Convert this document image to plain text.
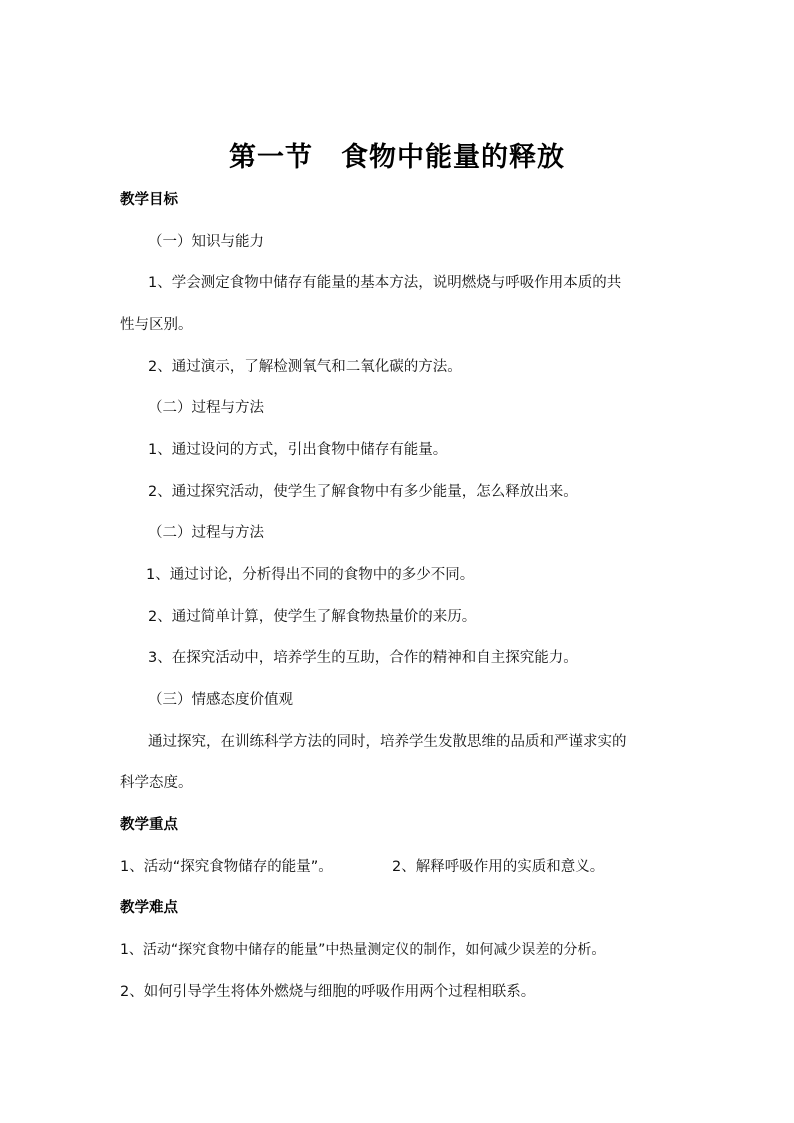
第一节　食物中能量的释放
教学目标
（一）知识与能力
1、学会测定食物中储存有能量的基本方法，说明燃烧与呼吸作用本质的共
性与区别。
2、通过演示，了解检测氧气和二氧化碳的方法。
（二）过程与方法
1、通过设问的方式，引出食物中储存有能量。
2、通过探究活动，使学生了解食物中有多少能量，怎么释放出来。
（二）过程与方法
1、通过讨论，分析得出不同的食物中的多少不同。
2、通过简单计算，使学生了解食物热量价的来历。
3、在探究活动中，培养学生的互助，合作的精神和自主探究能力。
（三）情感态度价值观
通过探究，在训练科学方法的同时，培养学生发散思维的品质和严谨求实的
科学态度。
教学重点
1、活动“探究食物储存的能量”。	2、解释呼吸作用的实质和意义。
教学难点
1、活动“探究食物中储存的能量”中热量测定仪的制作，如何减少误差的分析。
2、如何引导学生将体外燃烧与细胞的呼吸作用两个过程相联系。
